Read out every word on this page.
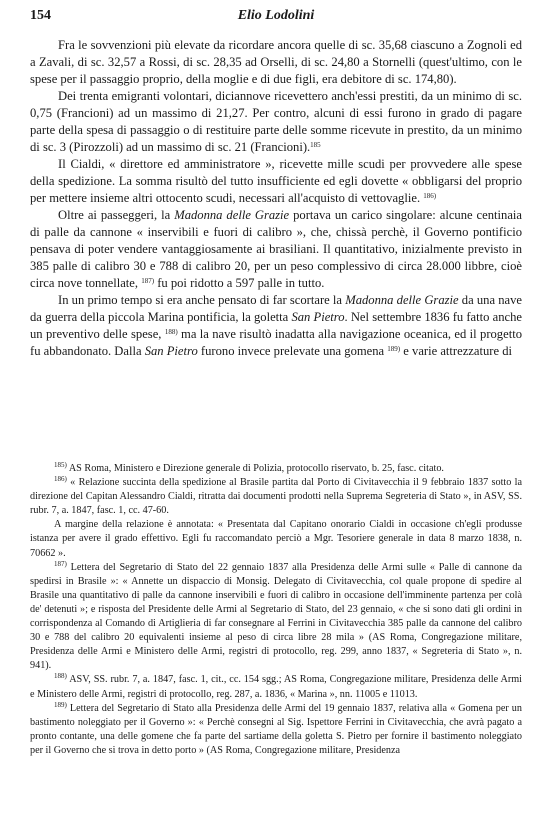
154	Elio Lodolini

Fra le sovvenzioni più elevate da ricordare ancora quelle di sc. 35,68 ciascuno a Zognoli ed a Zavali, di sc. 32,57 a Rossi, di sc. 28,35 ad Orselli, di sc. 24,80 a Stornelli (quest'ultimo, con le spese per il passaggio proprio, della moglie e di due figli, era debitore di sc. 174,80).

Dei trenta emigranti volontari, diciannove ricevettero anch'essi prestiti, da un minimo di sc. 0,75 (Francioni) ad un massimo di 21,27. Per contro, alcuni di essi furono in grado di pagare parte della spesa di passaggio o di restituire parte delle somme ricevute in prestito, da un minimo di sc. 3 (Pirozzoli) ad un massimo di sc. 21 (Francioni).$^{185}$

Il Cialdi, « direttore ed amministratore », ricevette mille scudi per provvedere alle spese della spedizione. La somma risultò del tutto insufficiente ed egli dovette « obbligarsi del proprio per mettere insieme altri ottocento scudi, necessari all'acquisto di vettovaglie. $^{186)}$

Oltre ai passeggeri, la Madonna delle Grazie portava un carico singolare: alcune centinaia di palle da cannone « inservibili e fuori di calibro », che, chissà perchè, il Governo pontificio pensava di poter vendere vantaggiosamente ai brasiliani. Il quantitativo, inizialmente previsto in 385 palle di calibro 30 e 788 di calibro 20, per un peso complessivo di circa 28.000 libbre, cioè circa nove tonnellate, $^{187)}$ fu poi ridotto a 597 palle in tutto.

In un primo tempo si era anche pensato di far scortare la Madonna delle Grazie da una nave da guerra della piccola Marina pontificia, la goletta San Pietro. Nel settembre 1836 fu fatto anche un preventivo delle spese, $^{188)}$ ma la nave risultò inadatta alla navigazione oceanica, ed il progetto fu abbandonato. Dalla San Pietro furono invece prelevate una gomena $^{189)}$ e varie attrezzature di

$^{185)}$ AS Roma, Ministero e Direzione generale di Polizia, protocollo riservato, b. 25, fasc. citato.

$^{186)}$ « Relazione succinta della spedizione al Brasile partita dal Porto di Civitavecchia il 9 febbraio 1837 sotto la direzione del Capitan Alessandro Cialdi, ritratta dai documenti prodotti nella Suprema Segreteria di Stato », in ASV, SS. rubr. 7, a. 1847, fasc. 1, cc. 47-60.

A margine della relazione è annotata: « Presentata dal Capitano onorario Cialdi in occasione ch'egli produsse istanza per avere il grado effettivo. Egli fu raccomandato perciò a Mgr. Tesoriere generale in data 8 marzo 1838, n. 70662 ».

$^{187)}$ Lettera del Segretario di Stato del 22 gennaio 1837 alla Presidenza delle Armi sulle « Palle di cannone da spedirsi in Brasile »: « Annette un dispaccio di Monsig. Delegato di Civitavecchia, col quale propone di spedire al Brasile una quantitativo di palle da cannone inservibili e fuori di calibro in occasione dell'imminente partenza per colà de' detenuti »; e risposta del Presidente delle Armi al Segretario di Stato, del 23 gennaio, « che si sono dati gli ordini in corrispondenza al Comando di Artiglieria di far consegnare al Ferrini in Civitavecchia 385 palle da cannone del calibro 30 e 788 del calibro 20 equivalenti insieme al peso di circa libre 28 mila » (AS Roma, Congregazione militare, Presidenza delle Armi e Ministero delle Armi, registri di protocollo, reg. 299, anno 1837, « Segreteria di Stato », n. 941).

$^{188)}$ ASV, SS. rubr. 7, a. 1847, fasc. 1, cit., cc. 154 sgg.; AS Roma, Congregazione militare, Presidenza delle Armi e Ministero delle Armi, registri di protocollo, reg. 287, a. 1836, « Marina », nn. 11005 e 11013.

$^{189)}$ Lettera del Segretario di Stato alla Presidenza delle Armi del 19 gennaio 1837, relativa alla « Gomena per un bastimento noleggiato per il Governo »: « Perchè consegni al Sig. Ispettore Ferrini in Civitavecchia, che avrà pagato a pronto contante, una delle gomene che fa parte del sartiame della goletta S. Pietro per fornire il bastimento noleggiato per il Governo che si trova in detto porto » (AS Roma, Congregazione militare, Presidenza
